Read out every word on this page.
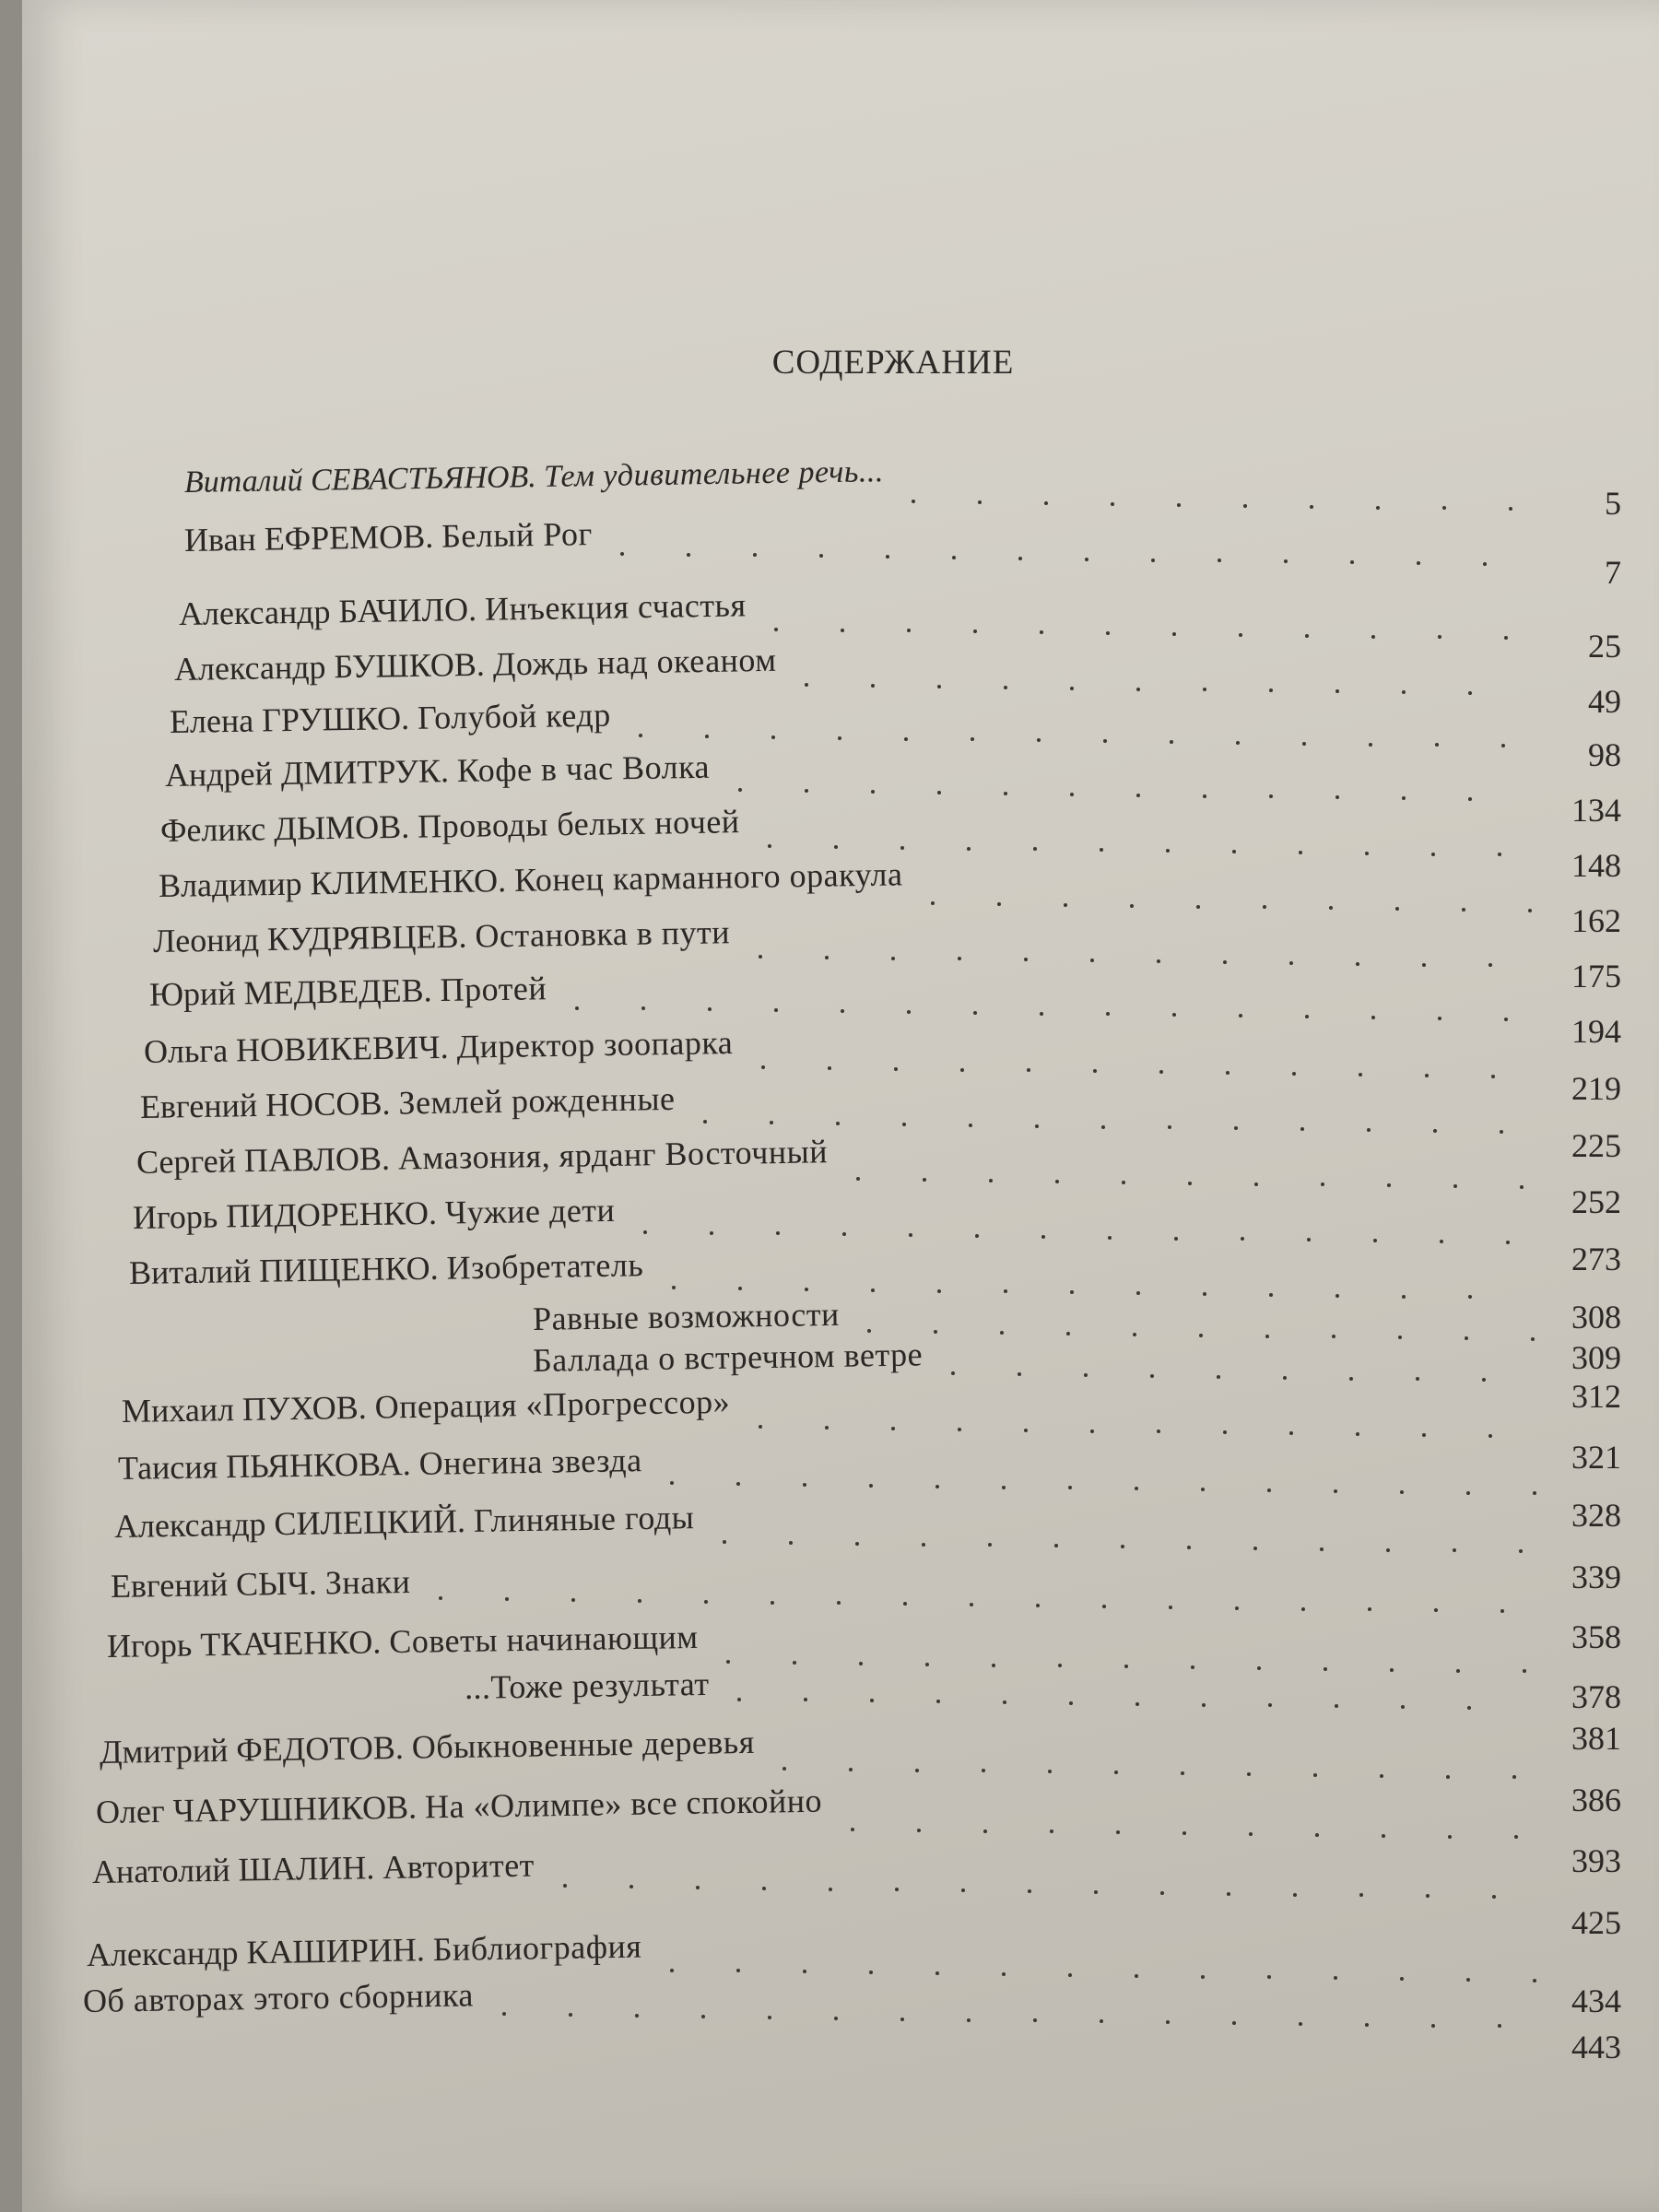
СОДЕРЖАНИЕ
Виталий СЕВАСТЬЯНОВ. Тем удивительнее речь...
5
Иван ЕФРЕМОВ. Белый Рог
7
Александр БАЧИЛО. Инъекция счастья
25
Александр БУШКОВ. Дождь над океаном
49
Елена ГРУШКО. Голубой кедр
98
Андрей ДМИТРУК. Кофе в час Волка
134
Феликс ДЫМОВ. Проводы белых ночей
148
Владимир КЛИМЕНКО. Конец карманного оракула
162
Леонид КУДРЯВЦЕВ. Остановка в пути
175
Юрий МЕДВЕДЕВ. Протей
194
Ольга НОВИКЕВИЧ. Директор зоопарка
219
Евгений НОСОВ. Землей рожденные
225
Сергей ПАВЛОВ. Амазония, ярданг Восточный
252
Игорь ПИДОРЕНКО. Чужие дети
273
Виталий ПИЩЕНКО. Изобретатель
308
Равные возможности
309
Баллада о встречном ветре
312
Михаил ПУХОВ. Операция «Прогрессор»
321
Таисия ПЬЯНКОВА. Онегина звезда
328
Александр СИЛЕЦКИЙ. Глиняные годы
339
Евгений СЫЧ. Знаки
358
Игорь ТКАЧЕНКО. Советы начинающим
378
...Тоже результат
381
Дмитрий ФЕДОТОВ. Обыкновенные деревья
386
Олег ЧАРУШНИКОВ. На «Олимпе» все спокойно
393
Анатолий ШАЛИН. Авторитет
425
Александр КАШИРИН. Библиография
434
Об авторах этого сборника
443
